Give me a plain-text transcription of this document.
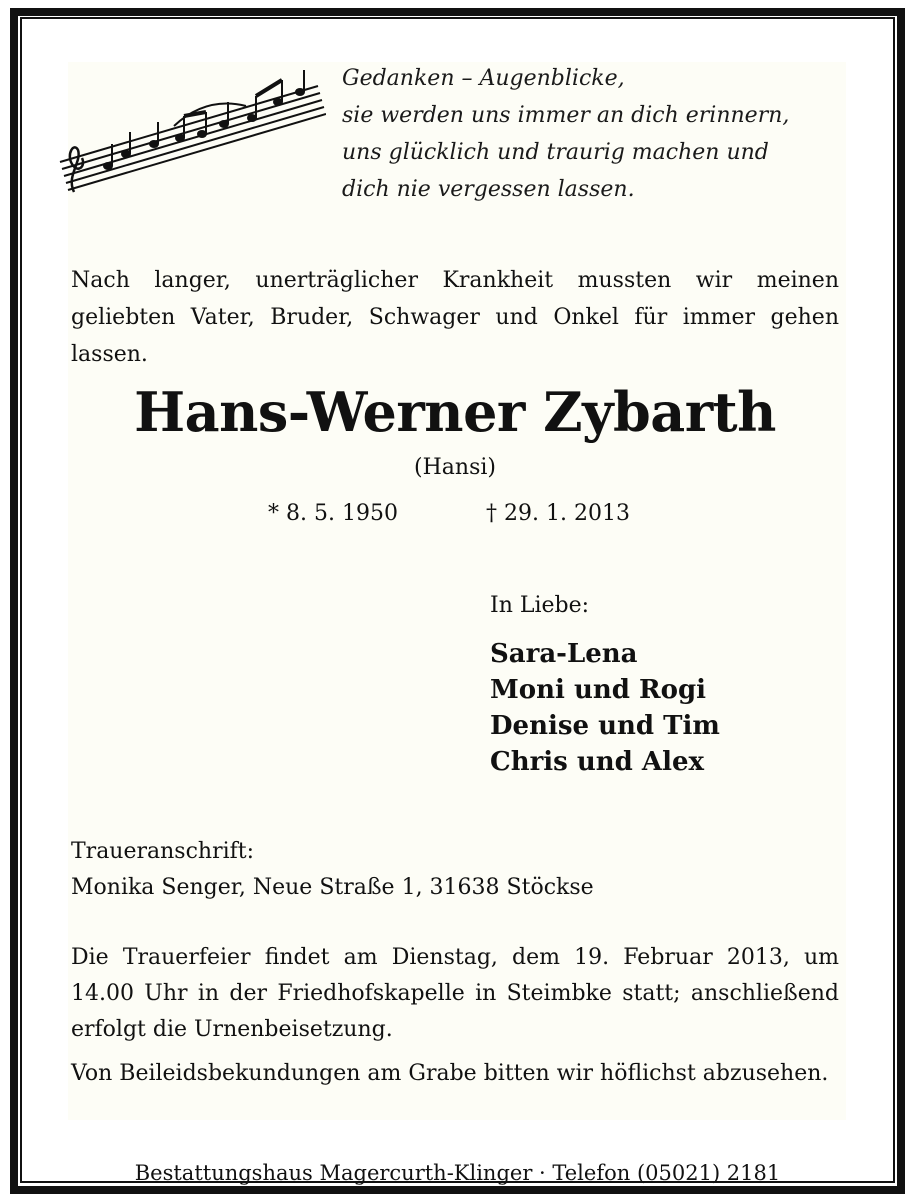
Gedanken – Augenblicke,
sie werden uns immer an dich erinnern,
uns glücklich und traurig machen und
dich nie vergessen lassen.
Nach langer, unerträglicher Krankheit mussten wir meinen geliebten Vater, Bruder, Schwager und Onkel für immer gehen lassen.
Hans-Werner Zybarth
(Hansi)
* 8. 5. 1950	† 29. 1. 2013
In Liebe:
Sara-Lena
Moni und Rogi
Denise und Tim
Chris und Alex
Traueranschrift:
Monika Senger, Neue Straße 1, 31638 Stöckse
Die Trauerfeier findet am Dienstag, dem 19. Februar 2013, um 14.00 Uhr in der Friedhofskapelle in Steimbke statt; anschließend erfolgt die Urnenbeisetzung.
Von Beileidsbekundungen am Grabe bitten wir höflichst abzusehen.
Bestattungshaus Magercurth-Klinger · Telefon (05021) 2181
